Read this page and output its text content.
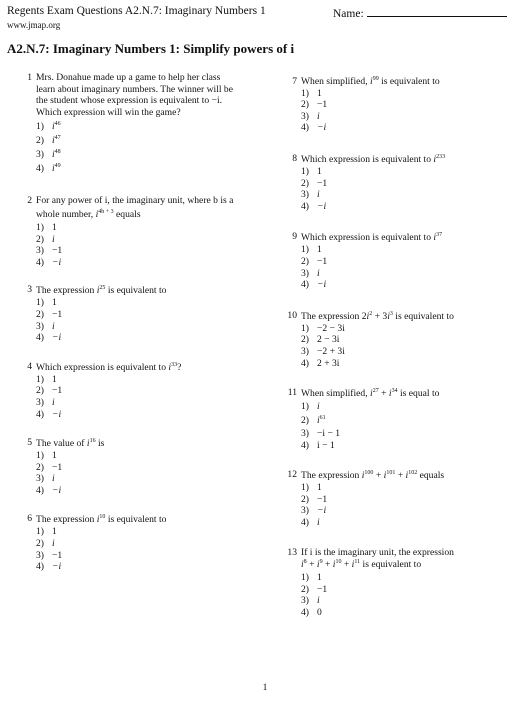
Regents Exam Questions A2.N.7: Imaginary Numbers 1
www.jmap.org
Name:
A2.N.7: Imaginary Numbers 1: Simplify powers of i
1 Mrs. Donahue made up a game to help her class
learn about imaginary numbers. The winner will be
the student whose expression is equivalent to −i.
Which expression will win the game?
1) $i^{46}$
2) $i^{47}$
3) $i^{48}$
4) $i^{49}$
2 For any power of i, the imaginary unit, where b is a
whole number, $i^{4b + 3}$ equals
1) 1
2) i
3) −1
4) −i
3 The expression $i^{25}$ is equivalent to
1) 1
2) −1
3) i
4) −i
4 Which expression is equivalent to $i^{33}$?
1) 1
2) −1
3) i
4) −i
5 The value of $i^{16}$ is
1) 1
2) −1
3) i
4) −i
6 The expression $i^{10}$ is equivalent to
1) 1
2) i
3) −1
4) −i
7 When simplified, $i^{99}$ is equivalent to
1) 1
2) −1
3) i
4) −i
8 Which expression is equivalent to $i^{233}$
1) 1
2) −1
3) i
4) −i
9 Which expression is equivalent to $i^{37}$
1) 1
2) −1
3) i
4) −i
10 The expression $2i^2 + 3i^3$ is equivalent to
1) −2 − 3i
2) 2 − 3i
3) −2 + 3i
4) 2 + 3i
11 When simplified, $i^{27} + i^{34}$ is equal to
1) i
2) $i^{61}$
3) −i − 1
4) i − 1
12 The expression $i^{100} + i^{101} + i^{102}$ equals
1) 1
2) −1
3) −i
4) i
13 If i is the imaginary unit, the expression
$i^8 + i^9 + i^{10} + i^{11}$ is equivalent to
1) 1
2) −1
3) i
4) 0
1
